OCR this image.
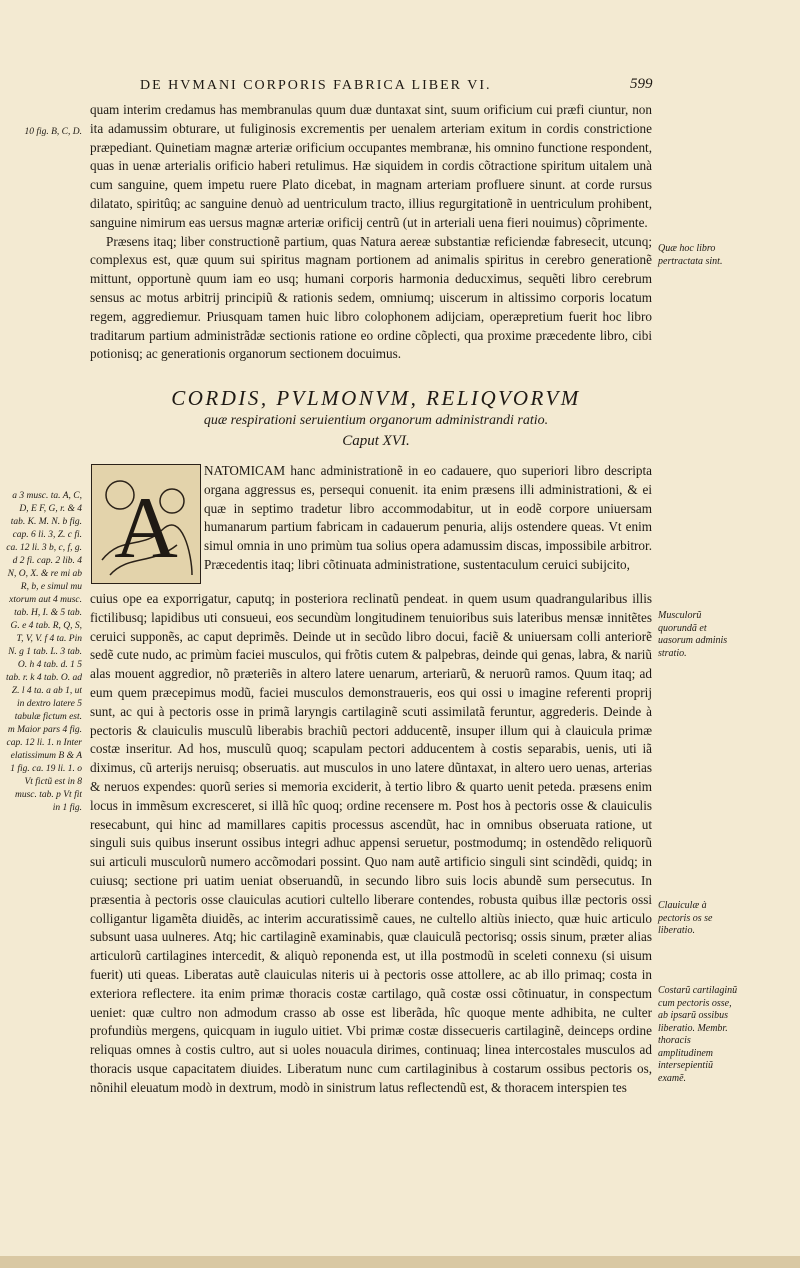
DE HVMANI CORPORIS FABRICA LIBER VI.	599

quam interim credamus has membranulas quum duæ duntaxat sint, suum orificium cui præfi ciuntur, non ita adamussim obturare, ut fuliginosis excrementis per uenalem arteriam exitum in cordis constrictione præpediant. Quinetiam magnæ arteriæ orificium occupantes membranæ, his omnino functione respondent, quas in uenæ arterialis orificio haberi retulimus. Hæ siquidem in cordis cõtractione spiritum uitalem unà cum sanguine, quem impetu ruere Plato dicebat, in magnam arteriam profluere sinunt. at corde rursus dilatato, spiritûq; ac sanguine denuò ad uentriculum tracto, illius regurgitationẽ in uentriculum prohibent, sanguine nimirum eas uersus magnæ arteriæ orificij centrũ (ut in arteriali uena fieri nouimus) cõprimente.

Præsens itaq; liber constructionẽ partium, quas Natura aereæ substantiæ reficiendæ fabresecit, utcunq; complexus est, quæ quum sui spiritus magnam portionem ad animalis spiritus in cerebro generationẽ mittunt, opportunè quum iam eo usq; humani corporis harmonia deducximus, sequẽti libro cerebrum sensus ac motus arbitrij principiũ & rationis sedem, omniumq; uiscerum in altissimo corporis locatum regem, aggrediemur. Priusquam tamen huic libro colophonem adijciam, operæpretium fuerit hoc libro traditarum partium administrãdæ sectionis ratione eo ordine cõplecti, qua proxime præcedente libro, cibi potionisq; ac generationis organorum sectionem docuimus.

CORDIS, PVLMONVM, RELIQVORVM
quæ respirationi seruientium organorum administrandi ratio.
Caput XVI.
A
NATOMICAM hanc administrationẽ in eo cadauere, quo superiori libro descripta organa aggressus es, persequi conuenit. ita enim præsens illi administrationi, & ei quæ in septimo tradetur libro accommodabitur, ut in eodẽ corpore uniuersam humanarum partium fabricam in cadauerum penuria, alijs ostendere queas. Vt enim simul omnia in uno primùm tua solius opera adamussim discas, impossibile arbitror. Præcedentis itaq; libri cõtinuata administratione, sustentaculum ceruici subijcito,
cuius ope ea exporrigatur, caputq; in posteriora reclinatũ pendeat. in quem usum quadrangularibus illis fictilibusq; lapidibus uti consueui, eos secundùm longitudinem tenuioribus suis lateribus mensæ innitẽtes ceruici supponẽs, ac caput deprimẽs. Deinde ut in secũdo libro docui, faciẽ & uniuersam colli anteriorẽ sedẽ cute nudo, ac primùm faciei musculos, qui frõtis cutem & palpebras, deinde qui genas, labra, & nariũ alas mouent aggredior, nõ præteriẽs in altero latere uenarum, arteriarũ, & neruorũ ramos. Quum itaq; ad eum quem præcepimus modũ, faciei musculos demonstraueris, eos qui ossi υ imagine referenti proprij sunt, ac qui à pectoris osse in primã laryngis cartilaginẽ scuti assimilatã feruntur, aggrederis. Deinde à pectoris & clauiculis musculũ liberabis brachiũ pectori adducentẽ, insuper illum qui à clauicula primæ costæ inseritur. Ad hos, musculũ quoq; scapulam pectori adducentem à costis separabis, uenis, uti iã diximus, cũ arterijs neruisq; obseruatis. aut musculos in uno latere dũntaxat, in altero uero uenas, arterias & neruos expendes: quorũ series si memoria exciderit, à tertio libro & quarto uenit peteda. præsens enim locus in immẽsum excresceret, si illã hîc quoq; ordine recensere m. Post hos à pectoris osse & clauiculis resecabunt, qui hinc ad mamillares capitis processus ascendũt, hac in omnibus obseruata ratione, ut singuli suis quibus inserunt ossibus integri adhuc appensi seruetur, postmodumq; in ostendẽdo reliquorũ sui articuli musculorũ numero accõmodari possint. Quo nam autẽ artificio singuli sint scindẽdi, quidq; in cuiusq; sectione pri uatim ueniat obseruandũ, in secundo libro suis locis abundẽ sum persecutus. In præsentia à pectoris osse clauiculas acutiori cultello liberare contendes, robusta quibus illæ pectoris ossi colligantur ligamẽta diuidẽs, ac interim accuratissimẽ caues, ne cultello altiùs iniecto, quæ huic articulo subsunt uasa uulneres. Atq; hic cartilaginẽ examinabis, quæ clauiculã pectorisq; ossis sinum, præter alias articulorũ cartilagines intercedit, & aliquò reponenda est, ut illa postmodũ in sceleti connexu (si uisum fuerit) uti queas. Liberatas autẽ clauiculas niteris ui à pectoris osse attollere, ac ab illo primaq; costa in exteriora reflectere. ita enim primæ thoracis costæ cartilago, quã costæ ossi cõtinuatur, in conspectum ueniet: quæ cultro non admodum crasso ab osse est liberãda, hîc quoque mente adhibita, ne culter profundiùs mergens, quicquam in iugulo uitiet. Vbi primæ costæ dissecueris cartilaginẽ, deinceps ordine reliquas omnes à costis cultro, aut si uoles nouacula dirimes, continuaq; linea intercostales musculos ad thoracis usque capacitatem diuides. Liberatum nunc cum cartilaginibus à costarum ossibus pectoris os, nõnihil eleuatum modò in dextrum, modò in sinistrum latus reflectendũ est, & thoracem interspien tes
10 fig. B, C, D.
a 3 musc. ta. A, C, D, E F, G, r. & 4 tab. K. M. N. b fig. cap. 6 li. 3, Z. c fi. ca. 12 li. 3 b, c, f, g. d 2 fi. cap. 2 lib. 4 N, O, X. & re mi ab R, b, e simul mu xtorum aut 4 musc. tab. H, I. & 5 tab. G. e 4 tab. R, Q, S, T, V, V. f 4 ta. Pin N. g 1 tab. L. 3 tab. O. h 4 tab. d. 1 5 tab. r. k 4 tab. O. ad Z. l 4 ta. a ab 1, ut in dextro latere 5 tabulæ fictum est. m Maior pars 4 fig. cap. 12 li. 1. n Inter elatissimum B & A 1 fig. ca. 19 li. 1. o Vt fictũ est in 8 musc. tab. p Vt fit in 1 fig.
Quæ hoc libro pertractata sint.
Musculorũ quorundã et uasorum adminis stratio.
Clauiculæ à pectoris os se liberatio.
Costarũ cartilaginũ cum pectoris osse, ab ipsarũ ossibus liberatio. Membr. thoracis amplitudinem intersepientiũ examẽ.
